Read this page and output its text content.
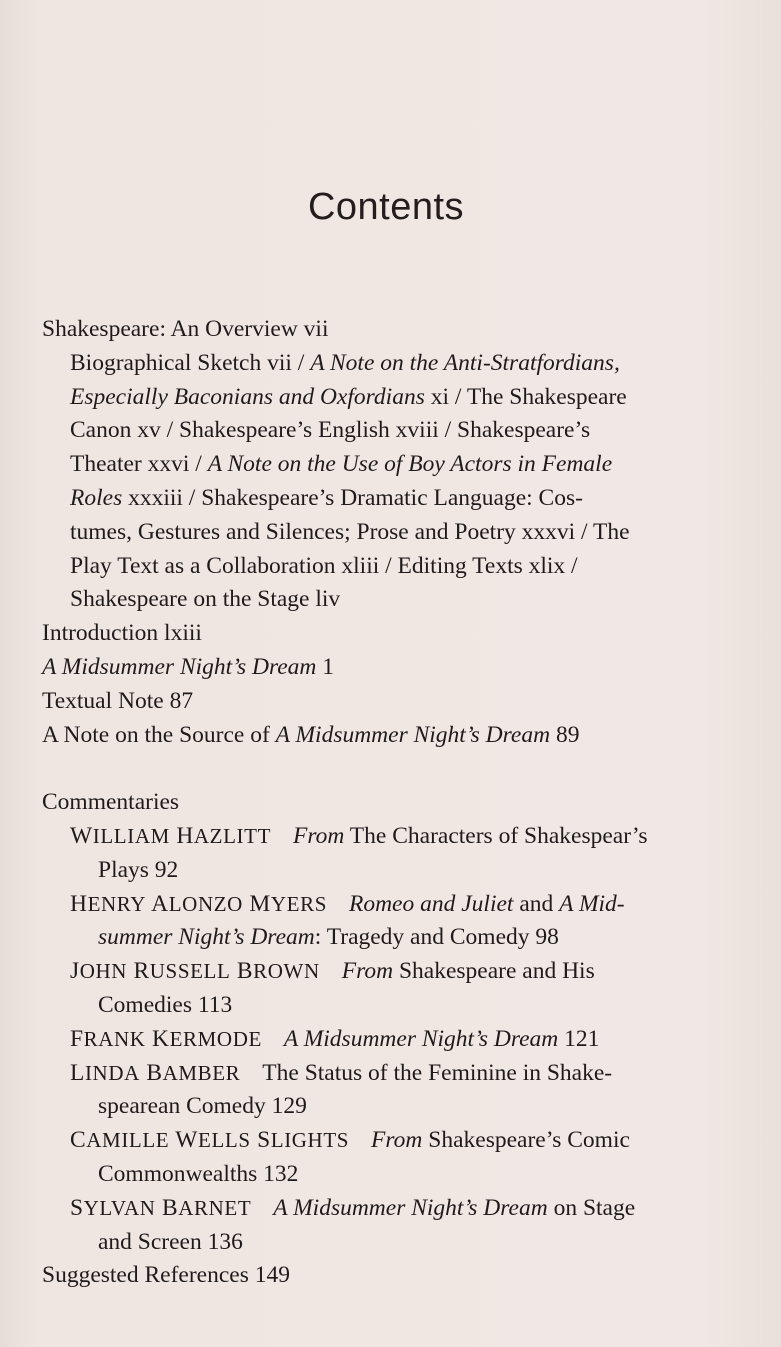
Contents
Shakespeare: An Overview vii
Biographical Sketch vii / A Note on the Anti-Stratfordians,
Especially Baconians and Oxfordians xi / The Shakespeare
Canon xv / Shakespeare’s English xviii / Shakespeare’s
Theater xxvi / A Note on the Use of Boy Actors in Female
Roles xxxiii / Shakespeare’s Dramatic Language: Cos-
tumes, Gestures and Silences; Prose and Poetry xxxvi / The
Play Text as a Collaboration xliii / Editing Texts xlix /
Shakespeare on the Stage liv
Introduction lxiii
A Midsummer Night’s Dream 1
Textual Note 87
A Note on the Source of A Midsummer Night’s Dream 89
Commentaries
WILLIAM HAZLITT From The Characters of Shakespear’s
Plays 92
HENRY ALONZO MYERS Romeo and Juliet and A Mid-
summer Night’s Dream: Tragedy and Comedy 98
JOHN RUSSELL BROWN From Shakespeare and His
Comedies 113
FRANK KERMODE A Midsummer Night’s Dream 121
LINDA BAMBER The Status of the Feminine in Shake-
spearean Comedy 129
CAMILLE WELLS SLIGHTS From Shakespeare’s Comic
Commonwealths 132
SYLVAN BARNET A Midsummer Night’s Dream on Stage
and Screen 136
Suggested References 149
